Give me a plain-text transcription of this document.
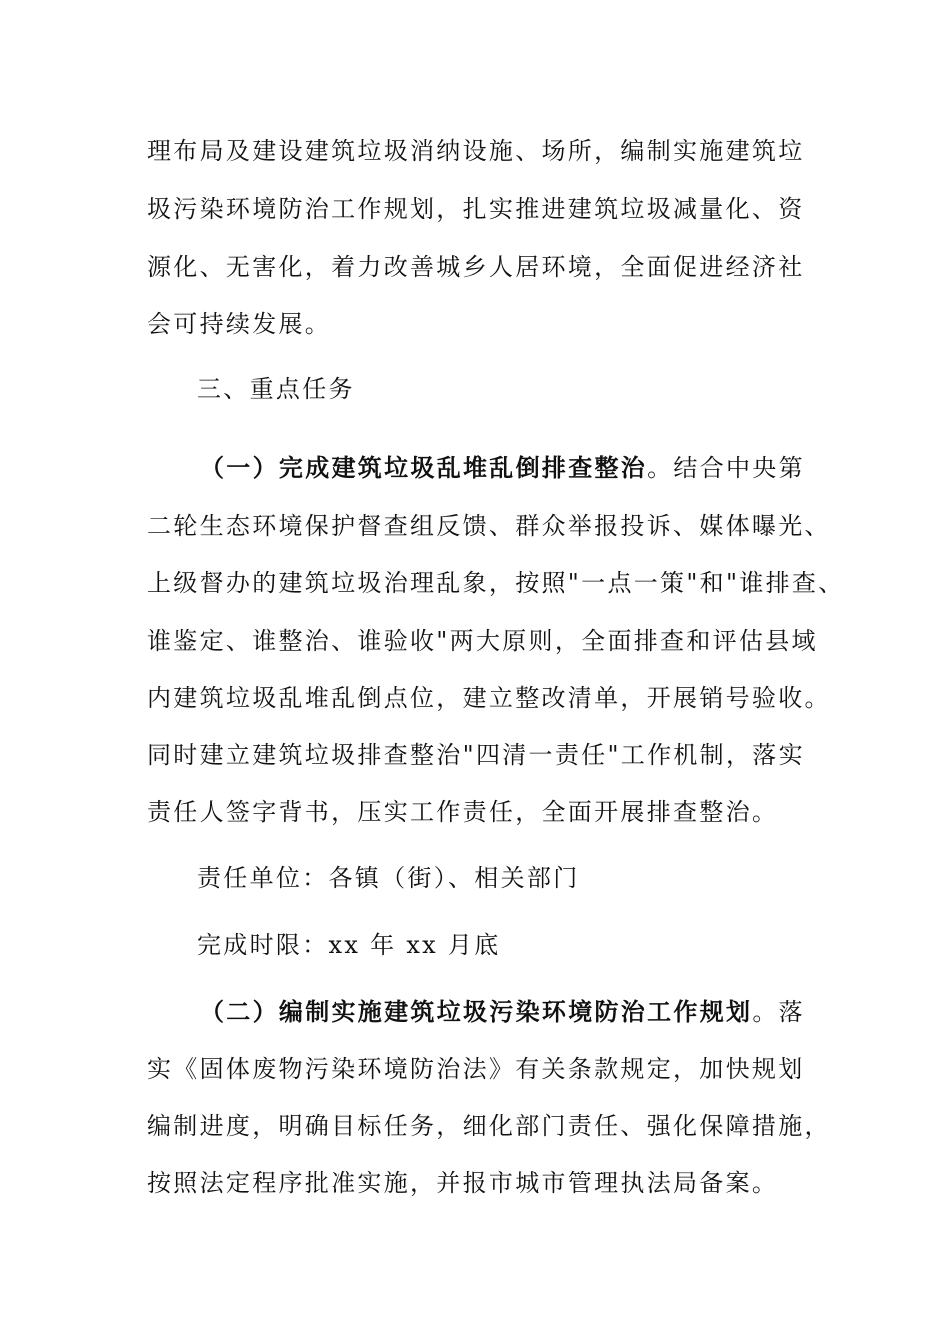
理布局及建设建筑垃圾消纳设施、场所，编制实施建筑垃

圾污染环境防治工作规划，扎实推进建筑垃圾减量化、资

源化、无害化，着力改善城乡人居环境，全面促进经济社

会可持续发展。

三、重点任务

（一）完成建筑垃圾乱堆乱倒排查整治。结合中央第

二轮生态环境保护督查组反馈、群众举报投诉、媒体曝光、

上级督办的建筑垃圾治理乱象，按照"一点一策"和"谁排查、

谁鉴定、谁整治、谁验收"两大原则，全面排查和评估县域

内建筑垃圾乱堆乱倒点位，建立整改清单，开展销号验收。

同时建立建筑垃圾排查整治"四清一责任"工作机制，落实

责任人签字背书，压实工作责任，全面开展排查整治。

责任单位：各镇（街）、相关部门

完成时限：xx 年 xx 月底

（二）编制实施建筑垃圾污染环境防治工作规划。落

实《固体废物污染环境防治法》有关条款规定，加快规划

编制进度，明确目标任务，细化部门责任、强化保障措施，

按照法定程序批准实施，并报市城市管理执法局备案。
